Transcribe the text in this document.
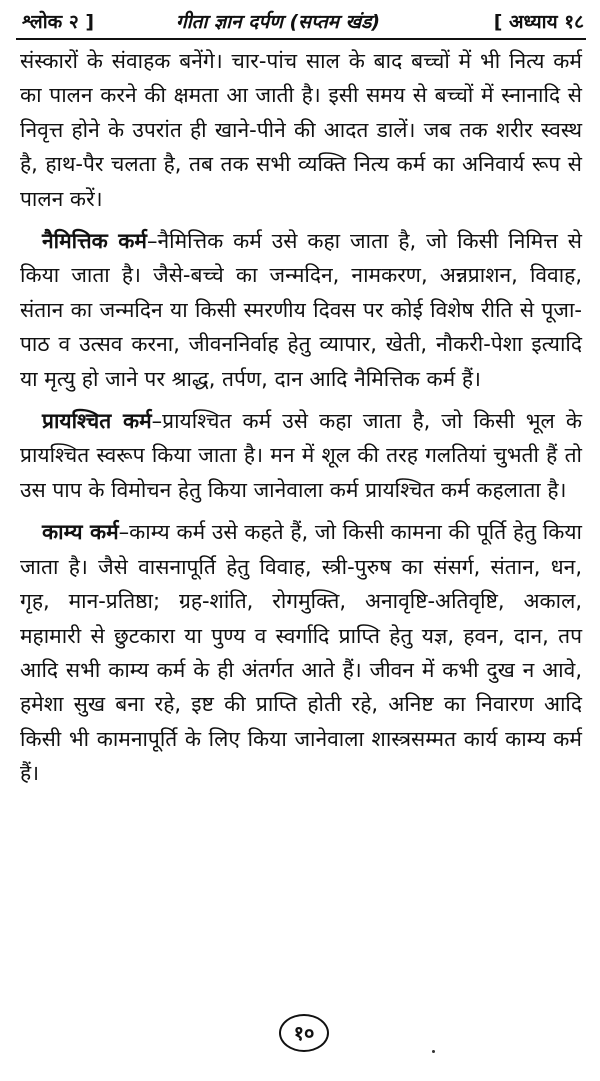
श्लोक २ ]	गीता ज्ञान दर्पण (सप्तम खंड)	[ अध्याय १८

संस्कारों के संवाहक बनेंगे। चार-पांच साल के बाद बच्चों में भी नित्य कर्म का पालन करने की क्षमता आ जाती है। इसी समय से बच्चों में स्नानादि से निवृत्त होने के उपरांत ही खाने-पीने की आदत डालें। जब तक शरीर स्वस्थ है, हाथ-पैर चलता है, तब तक सभी व्यक्ति नित्य कर्म का अनिवार्य रूप से पालन करें।

नैमित्तिक कर्म–नैमित्तिक कर्म उसे कहा जाता है, जो किसी निमित्त से किया जाता है। जैसे-बच्चे का जन्मदिन, नामकरण, अन्नप्राशन, विवाह, संतान का जन्मदिन या किसी स्मरणीय दिवस पर कोई विशेष रीति से पूजा-पाठ व उत्सव करना, जीवननिर्वाह हेतु व्यापार, खेती, नौकरी-पेशा इत्यादि या मृत्यु हो जाने पर श्राद्ध, तर्पण, दान आदि नैमित्तिक कर्म हैं।

प्रायश्चित कर्म–प्रायश्चित कर्म उसे कहा जाता है, जो किसी भूल के प्रायश्चित स्वरूप किया जाता है। मन में शूल की तरह गलतियां चुभती हैं तो उस पाप के विमोचन हेतु किया जानेवाला कर्म प्रायश्चित कर्म कहलाता है।

काम्य कर्म–काम्य कर्म उसे कहते हैं, जो किसी कामना की पूर्ति हेतु किया जाता है। जैसे वासनापूर्ति हेतु विवाह, स्त्री-पुरुष का संसर्ग, संतान, धन, गृह, मान-प्रतिष्ठा; ग्रह-शांति, रोगमुक्ति, अनावृष्टि-अतिवृष्टि, अकाल, महामारी से छुटकारा या पुण्य व स्वर्गादि प्राप्ति हेतु यज्ञ, हवन, दान, तप आदि सभी काम्य कर्म के ही अंतर्गत आते हैं। जीवन में कभी दुख न आवे, हमेशा सुख बना रहे, इष्ट की प्राप्ति होती रहे, अनिष्ट का निवारण आदि किसी भी कामनापूर्ति के लिए किया जानेवाला शास्त्रसम्मत कार्य काम्य कर्म हैं।

१०
